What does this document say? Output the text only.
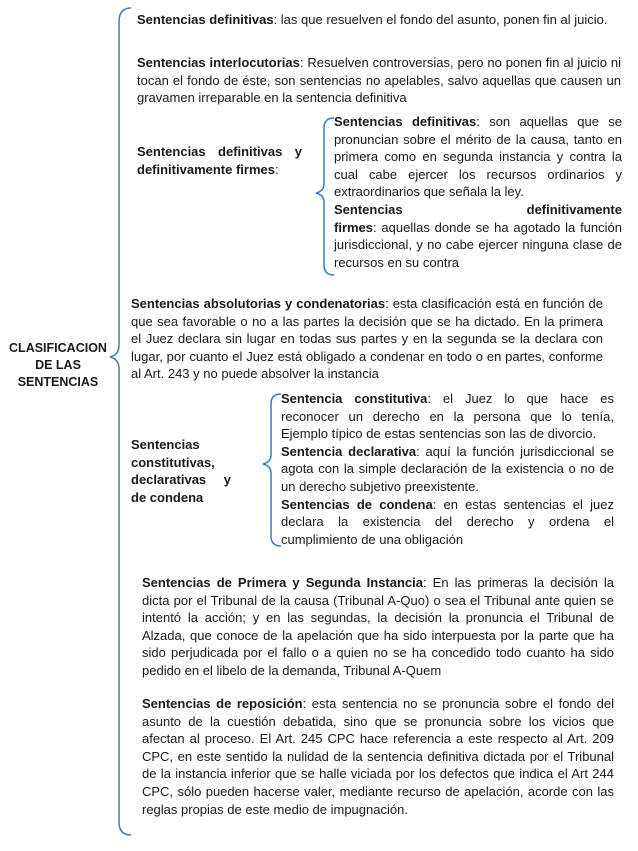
CLASIFICACION
DE LAS
SENTENCIAS

Sentencias definitivas: las que resuelven el fondo del asunto, ponen fin al juicio.

Sentencias interlocutorias: Resuelven controversias, pero no ponen fin al juicio ni tocan el fondo de éste, son sentencias no apelables, salvo aquellas que causen un gravamen irreparable en la sentencia definitiva

Sentencias definitivas y
definitivamente firmes:

Sentencias definitivas: son aquellas que se pronuncian sobre el mérito de la causa, tanto en primera como en segunda instancia y contra la cual cabe ejercer los recursos ordinarios y extraordinarios que señala la ley.

Sentencias definitivamente
firmes: aquellas donde se ha agotado la función jurisdiccional, y no cabe ejercer ninguna clase de recursos en su contra

Sentencias absolutorias y condenatorias: esta clasificación está en función de que sea favorable o no a las partes la decisión que se ha dictado. En la primera el Juez declara sin lugar en todas sus partes y en la segunda se la declara con lugar, por cuanto el Juez está obligado a condenar en todo o en partes, conforme al Art. 243 y no puede absolver la instancia

Sentencias
constitutivas,
declarativas y
de condena

Sentencia constitutiva: el Juez lo que hace es reconocer un derecho en la persona que lo tenía, Ejemplo típico de estas sentencias son las de divorcio.

Sentencia declarativa: aquí la función jurisdiccional se agota con la simple declaración de la existencia o no de un derecho subjetivo preexistente.

Sentencias de condena: en estas sentencias el juez declara la existencia del derecho y ordena el cumplimiento de una obligación

Sentencias de Primera y Segunda Instancia: En las primeras la decisión la dicta por el Tribunal de la causa (Tribunal A-Quo) o sea el Tribunal ante quien se intentó la acción; y en las segundas, la decisión la pronuncia el Tribunal de Alzada, que conoce de la apelación que ha sido interpuesta por la parte que ha sido perjudicada por el fallo o a quien no se ha concedido todo cuanto ha sido pedido en el libelo de la demanda, Tribunal A-Quem

Sentencias de reposición: esta sentencia no se pronuncia sobre el fondo del asunto de la cuestión debatida, sino que se pronuncia sobre los vicios que afectan al proceso. El Art. 245 CPC hace referencia a este respecto al Art. 209 CPC, en este sentido la nulidad de la sentencia definitiva dictada por el Tribunal de la instancia inferior que se halle viciada por los defectos que indica el Art 244 CPC, sólo pueden hacerse valer, mediante recurso de apelación, acorde con las reglas propias de este medio de impugnación.
